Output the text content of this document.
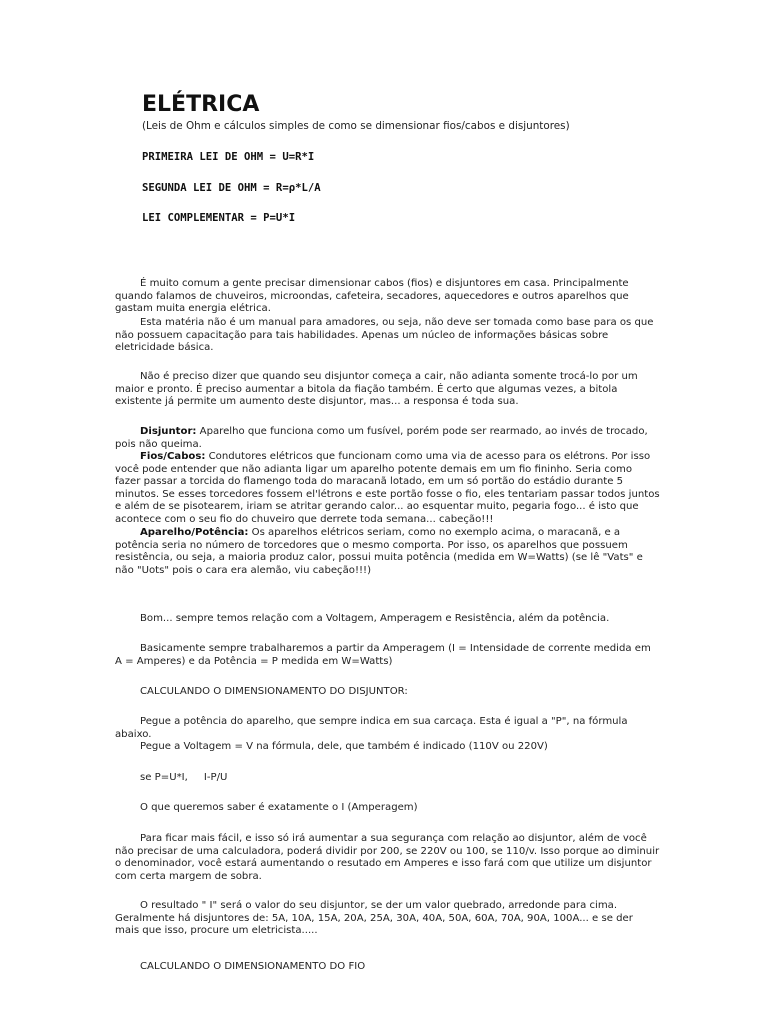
ELÉTRICA
(Leis de Ohm e cálculos simples de como se dimensionar fios/cabos e disjuntores)
PRIMEIRA LEI DE OHM = U=R*I
SEGUNDA LEI DE OHM = R=ρ*L/A
LEI COMPLEMENTAR = P=U*I

É muito comum a gente precisar dimensionar cabos (fios) e disjuntores em casa. Principalmente quando falamos de chuveiros, microondas, cafeteira, secadores, aquecedores e outros aparelhos que gastam muita energia elétrica.

Esta matéria não é um manual para amadores, ou seja, não deve ser tomada como base para os que não possuem capacitação para tais habilidades. Apenas um núcleo de informações básicas sobre eletricidade básica.

Não é preciso dizer que quando seu disjuntor começa a cair, não adianta somente trocá-lo por um maior e pronto. É preciso aumentar a bitola da fiação também. É certo que algumas vezes, a bitola existente já permite um aumento deste disjuntor, mas... a responsa é toda sua.

Disjuntor: Aparelho que funciona como um fusível, porém pode ser rearmado, ao invés de trocado, pois não queima.

Fios/Cabos: Condutores elétricos que funcionam como uma via de acesso para os elétrons. Por isso você pode entender que não adianta ligar um aparelho potente demais em um fio fininho. Seria como fazer passar a torcida do flamengo toda do maracanã lotado, em um só portão do estádio durante 5 minutos. Se esses torcedores fossem el'létrons e este portão fosse o fio, eles tentariam passar todos juntos e além de se pisotearem, iriam se atritar gerando calor... ao esquentar muito, pegaria fogo... é isto que acontece com o seu fio do chuveiro que derrete toda semana... cabeção!!!

Aparelho/Potência: Os aparelhos elétricos seriam, como no exemplo acima, o maracanã, e a potência seria no número de torcedores que o mesmo comporta. Por isso, os aparelhos que possuem resistência, ou seja, a maioria produz calor, possui muita potência (medida em W=Watts) (se lê "Vats" e não "Uots" pois o cara era alemão, viu cabeção!!!)

Bom... sempre temos relação com a Voltagem, Amperagem e Resistência, além da potência.

Basicamente sempre trabalharemos a partir da Amperagem (I = Intensidade de corrente medida em A = Amperes) e da Potência = P medida em W=Watts)

CALCULANDO O DIMENSIONAMENTO DO DISJUNTOR:

Pegue a potência do aparelho, que sempre indica em sua carcaça. Esta é igual a "P", na fórmula abaixo.

Pegue a Voltagem = V na fórmula, dele, que também é indicado (110V ou 220V)

se P=U*I,     I-P/U

O que queremos saber é exatamente o I (Amperagem)

Para ficar mais fácil, e isso só irá aumentar a sua segurança com relação ao disjuntor, além de você não precisar de uma calculadora, poderá dividir por 200, se 220V ou 100, se 110/v. Isso porque ao diminuir o denominador, você estará aumentando o resutado em Amperes e isso fará com que utilize um disjuntor com certa margem de sobra.

O resultado " I" será o valor do seu disjuntor, se der um valor quebrado, arredonde para cima. Geralmente há disjuntores de: 5A, 10A, 15A, 20A, 25A, 30A, 40A, 50A, 60A, 70A, 90A, 100A... e se der mais que isso, procure um eletricista.....

CALCULANDO O DIMENSIONAMENTO DO FIO
